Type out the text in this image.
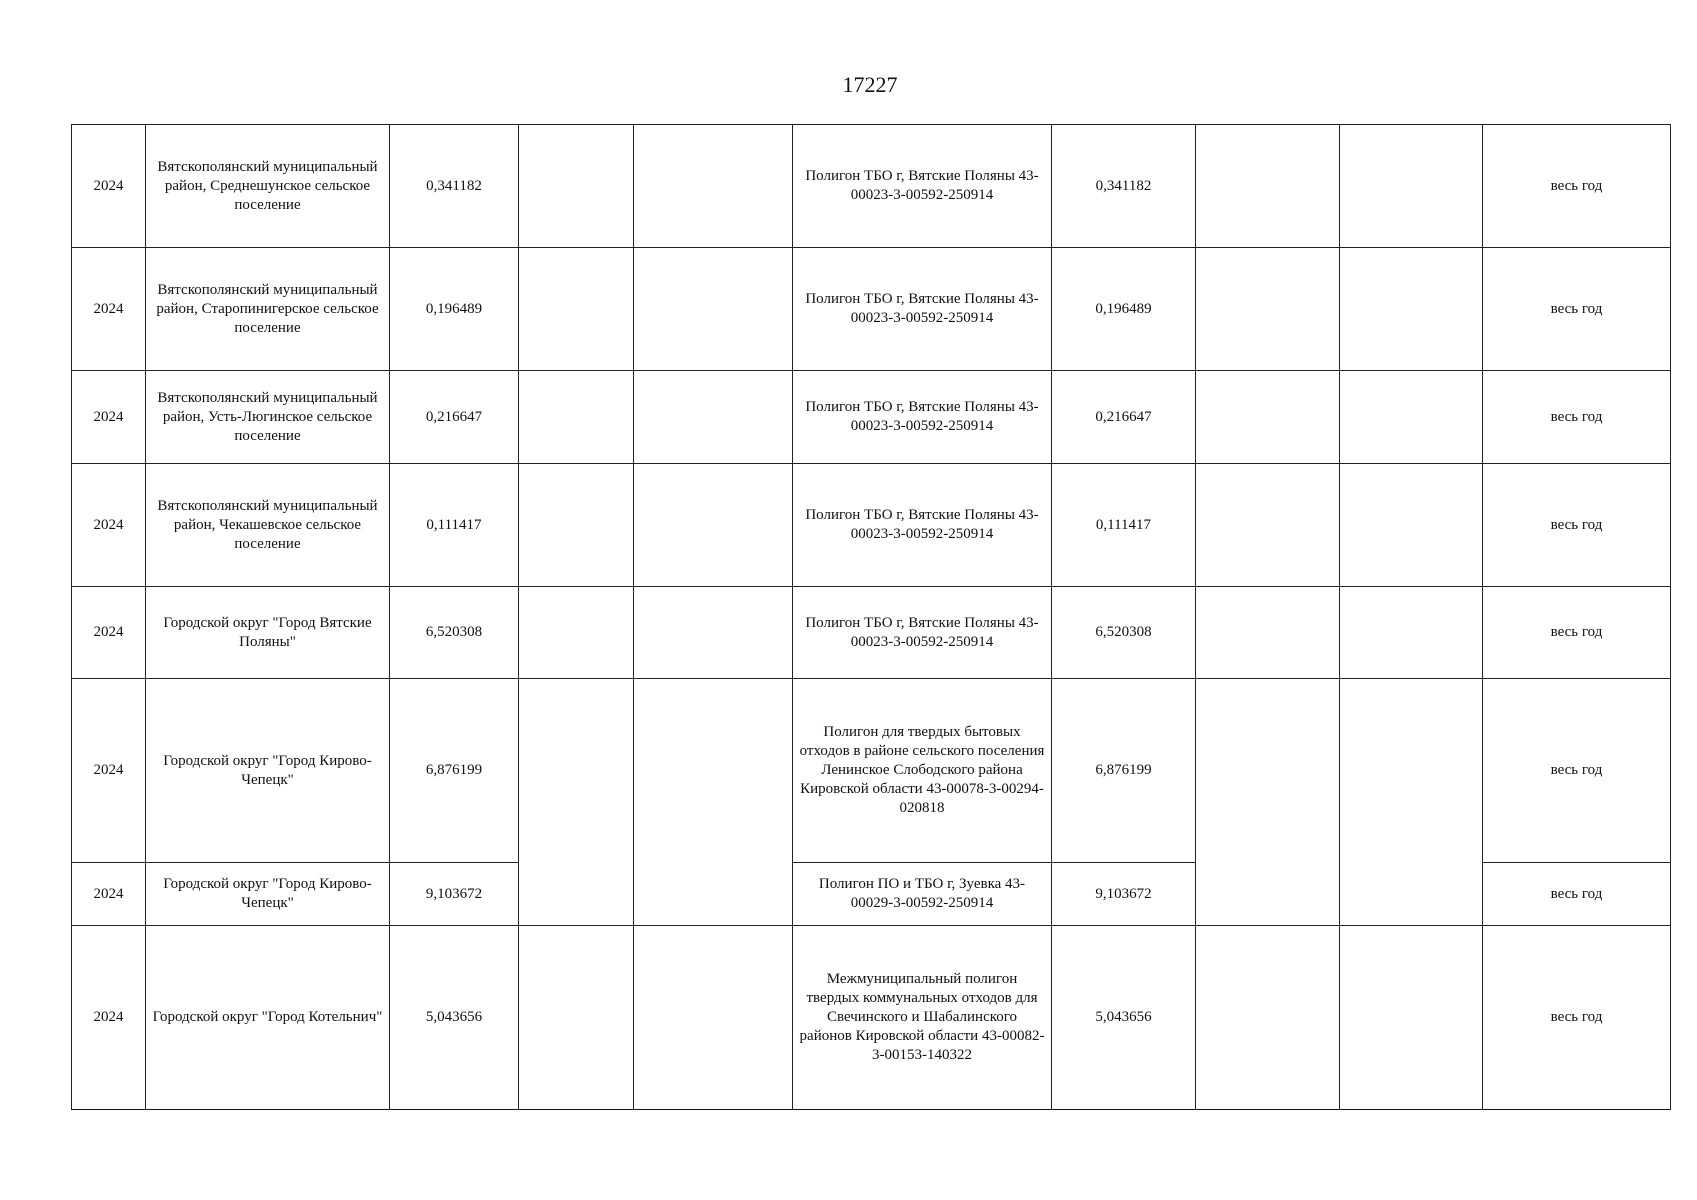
17227
2024	Вятскополянский муниципальный район, Среднешунское сельское поселение	0,341182			Полигон ТБО г, Вятские Поляны 43-00023-3-00592-250914	0,341182			весь год
2024	Вятскополянский муниципальный район, Старопинигерское сельское поселение	0,196489			Полигон ТБО г, Вятские Поляны 43-00023-3-00592-250914	0,196489			весь год
2024	Вятскополянский муниципальный район, Усть-Люгинское сельское поселение	0,216647			Полигон ТБО г, Вятские Поляны 43-00023-3-00592-250914	0,216647			весь год
2024	Вятскополянский муниципальный район, Чекашевское сельское поселение	0,111417			Полигон ТБО г, Вятские Поляны 43-00023-3-00592-250914	0,111417			весь год
2024	Городской округ "Город Вятские Поляны"	6,520308			Полигон ТБО г, Вятские Поляны 43-00023-3-00592-250914	6,520308			весь год
2024	Городской округ "Город Кирово-Чепецк"	6,876199			Полигон для твердых бытовых отходов в районе сельского поселения Ленинское Слободского района Кировской области 43-00078-3-00294-020818	6,876199			весь год
2024	Городской округ "Город Кирово-Чепецк"	9,103672			Полигон ПО и ТБО г, Зуевка 43-00029-3-00592-250914	9,103672			весь год
2024	Городской округ "Город Котельнич"	5,043656			Межмуниципальный полигон твердых коммунальных отходов для Свечинского и Шабалинского районов Кировской области 43-00082-3-00153-140322	5,043656			весь год
